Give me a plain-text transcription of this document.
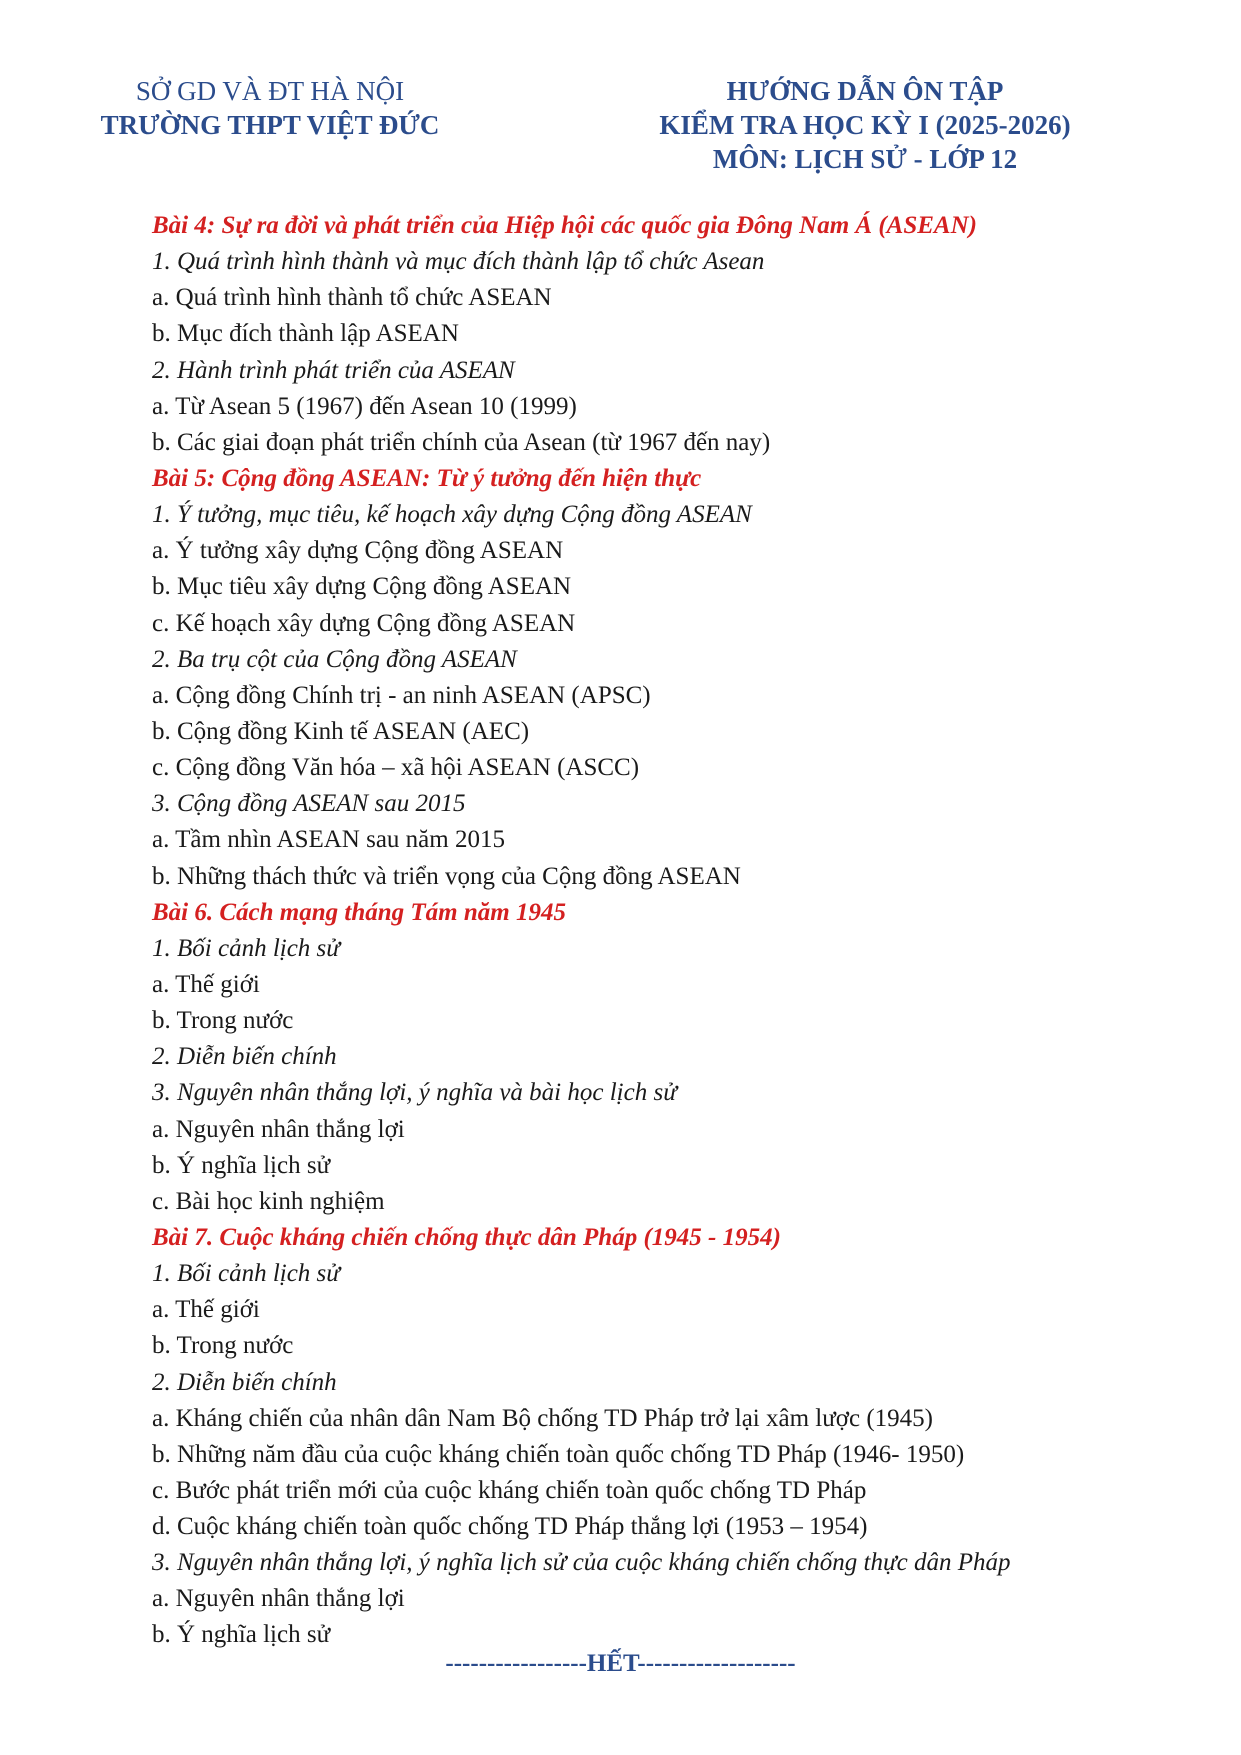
SỞ GD VÀ ĐT HÀ NỘI
TRƯỜNG THPT VIỆT ĐỨC
HƯỚNG DẪN ÔN TẬP
KIỂM TRA HỌC KỲ I (2025-2026)
MÔN: LỊCH SỬ - LỚP 12
Bài 4: Sự ra đời và phát triển của Hiệp hội các quốc gia Đông Nam Á (ASEAN)
1. Quá trình hình thành và mục đích thành lập tổ chức Asean
a. Quá trình hình thành tổ chức ASEAN
b. Mục đích thành lập ASEAN
2. Hành trình phát triển của ASEAN
a. Từ Asean 5 (1967) đến Asean 10 (1999)
b. Các giai đoạn phát triển chính của Asean (từ 1967 đến nay)
Bài 5: Cộng đồng ASEAN: Từ ý tưởng đến hiện thực
1. Ý tưởng, mục tiêu, kế hoạch xây dựng Cộng đồng ASEAN
a. Ý tưởng xây dựng Cộng đồng ASEAN
b. Mục tiêu xây dựng Cộng đồng ASEAN
c. Kế hoạch xây dựng Cộng đồng ASEAN
2. Ba trụ cột của Cộng đồng ASEAN
a. Cộng đồng Chính trị - an ninh ASEAN (APSC)
b. Cộng đồng Kinh tế ASEAN (AEC)
c. Cộng đồng Văn hóa – xã hội ASEAN (ASCC)
3. Cộng đồng ASEAN sau 2015
a. Tầm nhìn ASEAN sau năm 2015
b. Những thách thức và triển vọng của Cộng đồng ASEAN
Bài 6. Cách mạng tháng Tám năm 1945
1. Bối cảnh lịch sử
a. Thế giới
b. Trong nước
2. Diễn biến chính
3. Nguyên nhân thắng lợi, ý nghĩa và bài học lịch sử
a. Nguyên nhân thắng lợi
b. Ý nghĩa lịch sử
c. Bài học kinh nghiệm
Bài 7. Cuộc kháng chiến chống thực dân Pháp (1945 - 1954)
1. Bối cảnh lịch sử
a. Thế giới
b. Trong nước
2. Diễn biến chính
a. Kháng chiến của nhân dân Nam Bộ chống TD Pháp trở lại xâm lược (1945)
b. Những năm đầu của cuộc kháng chiến toàn quốc chống TD Pháp (1946- 1950)
c. Bước phát triển mới của cuộc kháng chiến toàn quốc chống TD Pháp
d. Cuộc kháng chiến toàn quốc chống TD Pháp thắng lợi (1953 – 1954)
3. Nguyên nhân thắng lợi, ý nghĩa lịch sử của cuộc kháng chiến chống thực dân Pháp
a. Nguyên nhân thắng lợi
b. Ý nghĩa lịch sử
-----------------HẾT-------------------
